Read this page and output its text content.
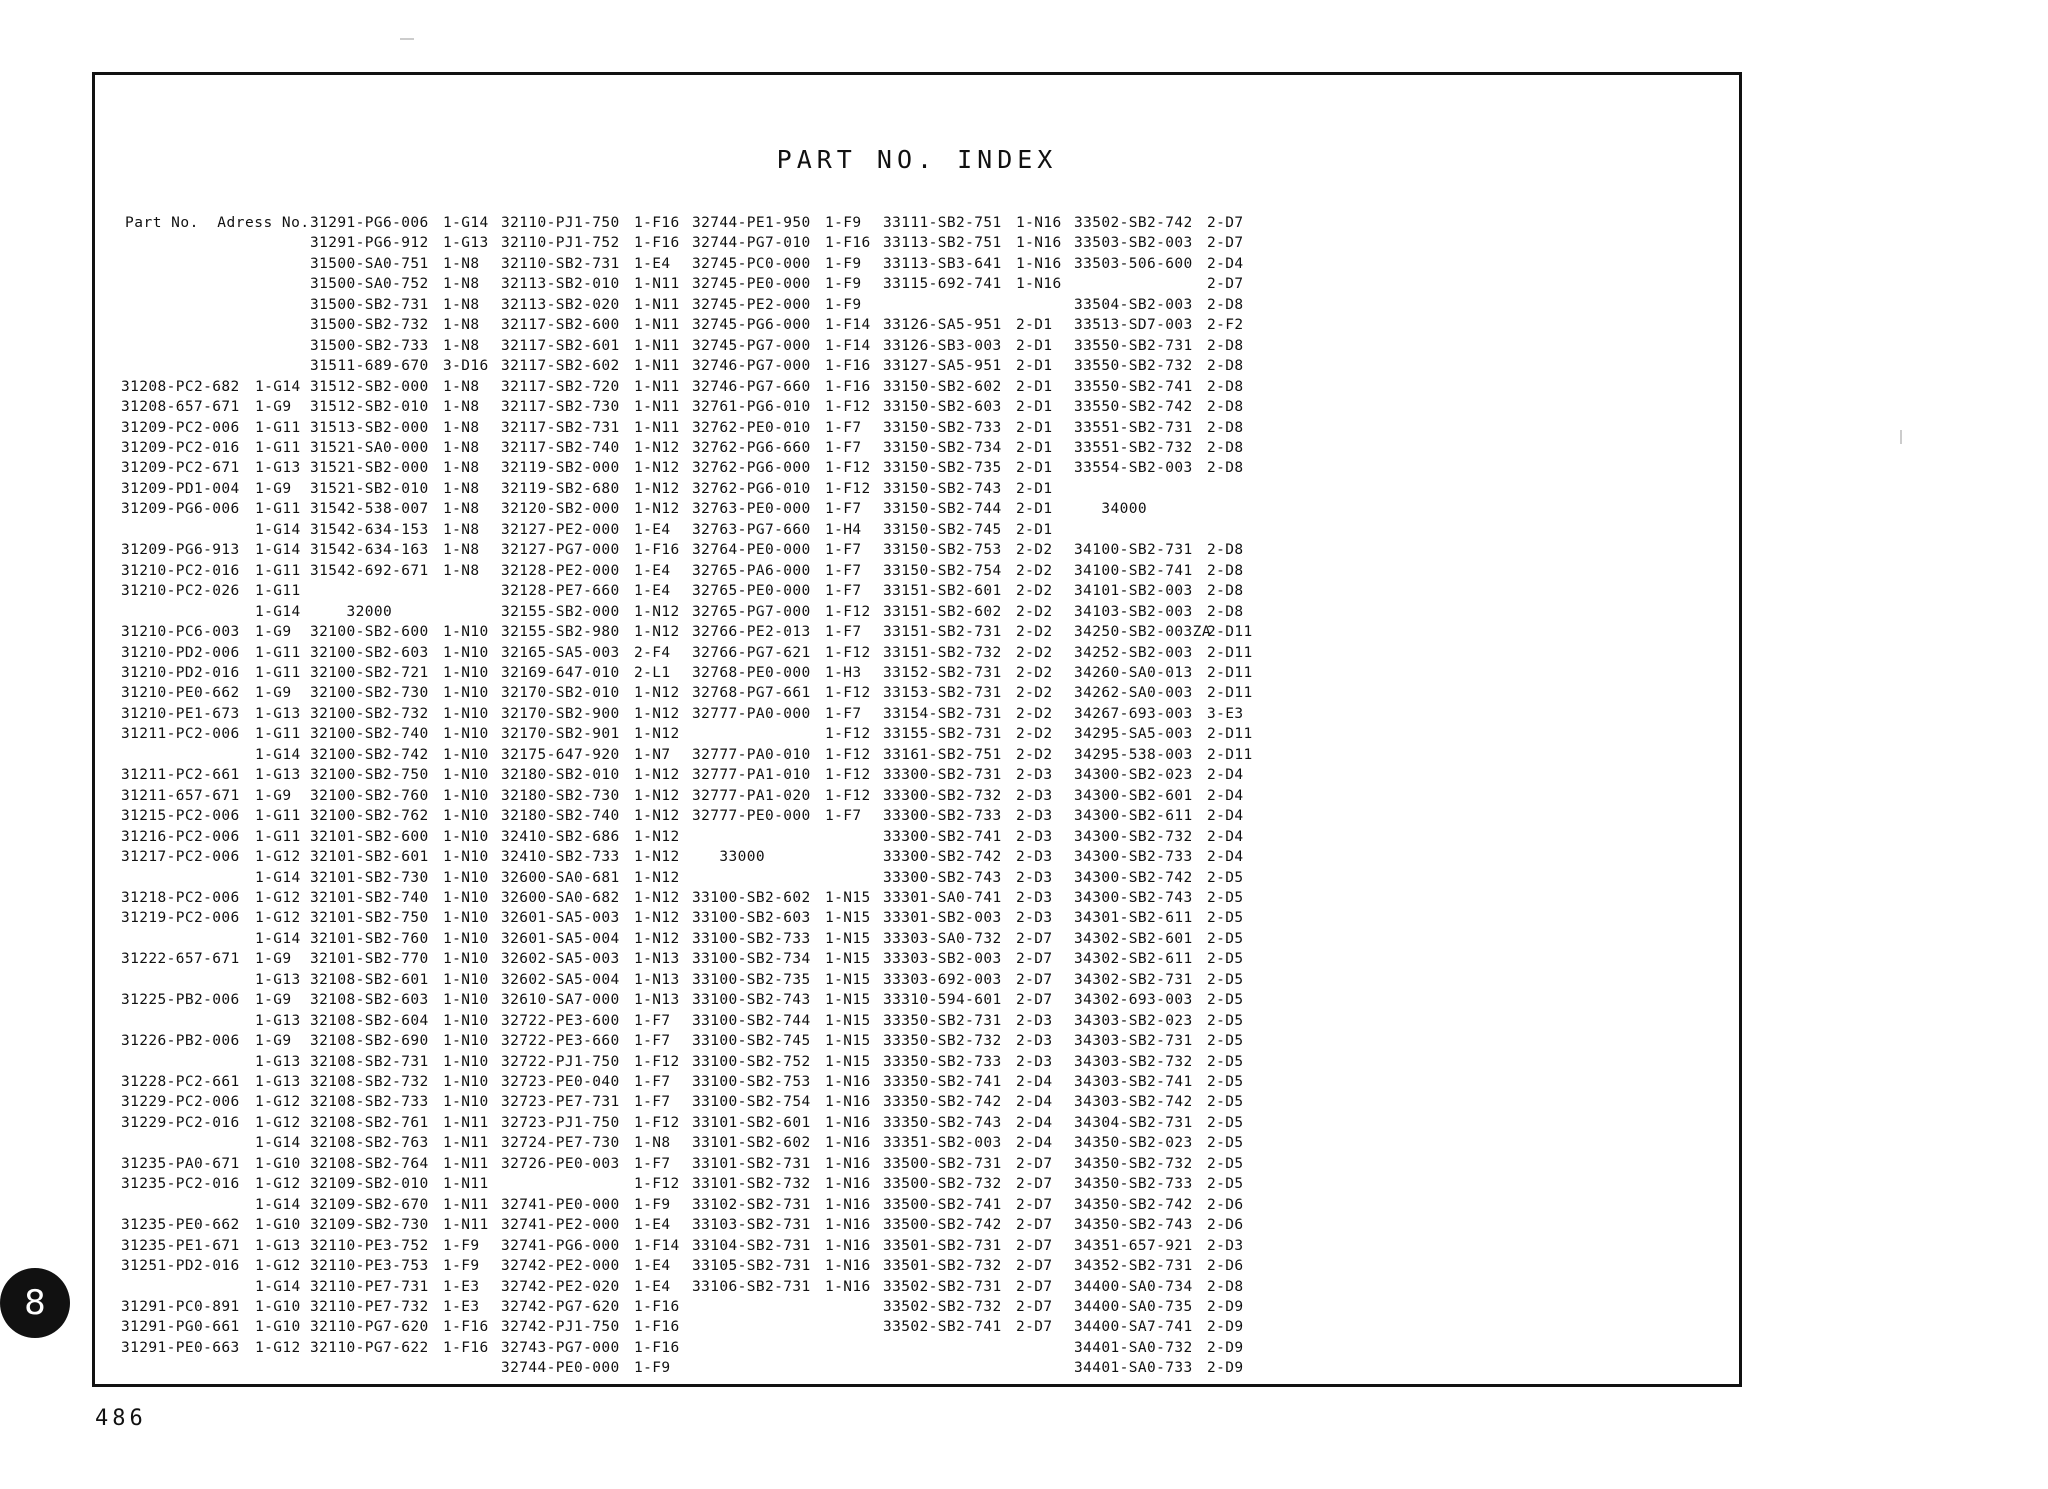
PART NO. INDEX
Part No.  Adress No.

31208-PC2-682
31208-657-671
31209-PC2-006
31209-PC2-016
31209-PC2-671
31209-PD1-004
31209-PG6-006

31209-PG6-913
31210-PC2-016
31210-PC2-026

31210-PC6-003
31210-PD2-006
31210-PD2-016
31210-PE0-662
31210-PE1-673
31211-PC2-006

31211-PC2-661
31211-657-671
31215-PC2-006
31216-PC2-006
31217-PC2-006

31218-PC2-006
31219-PC2-006

31222-657-671

31225-PB2-006

31226-PB2-006

31228-PC2-661
31229-PC2-006
31229-PC2-016

31235-PA0-671
31235-PC2-016

31235-PE0-662
31235-PE1-671
31251-PD2-016

31291-PC0-891
31291-PG0-661
31291-PE0-663

1-G14
1-G9
1-G11
1-G11
1-G13
1-G9
1-G11
1-G14
1-G14
1-G11
1-G11
1-G14
1-G9
1-G11
1-G11
1-G9
1-G13
1-G11
1-G14
1-G13
1-G9
1-G11
1-G11
1-G12
1-G14
1-G12
1-G12
1-G14
1-G9
1-G13
1-G9
1-G13
1-G9
1-G13
1-G13
1-G12
1-G12
1-G14
1-G10
1-G12
1-G14
1-G10
1-G13
1-G12
1-G14
1-G10
1-G10
1-G12
31291-PG6-006
31291-PG6-912
31500-SA0-751
31500-SA0-752
31500-SB2-731
31500-SB2-732
31500-SB2-733
31511-689-670
31512-SB2-000
31512-SB2-010
31513-SB2-000
31521-SA0-000
31521-SB2-000
31521-SB2-010
31542-538-007
31542-634-153
31542-634-163
31542-692-671

32000
32100-SB2-600
32100-SB2-603
32100-SB2-721
32100-SB2-730
32100-SB2-732
32100-SB2-740
32100-SB2-742
32100-SB2-750
32100-SB2-760
32100-SB2-762
32101-SB2-600
32101-SB2-601
32101-SB2-730
32101-SB2-740
32101-SB2-750
32101-SB2-760
32101-SB2-770
32108-SB2-601
32108-SB2-603
32108-SB2-604
32108-SB2-690
32108-SB2-731
32108-SB2-732
32108-SB2-733
32108-SB2-761
32108-SB2-763
32108-SB2-764
32109-SB2-010
32109-SB2-670
32109-SB2-730
32110-PE3-752
32110-PE3-753
32110-PE7-731
32110-PE7-732
32110-PG7-620
32110-PG7-622
1-G14
1-G13
1-N8
1-N8
1-N8
1-N8
1-N8
3-D16
1-N8
1-N8
1-N8
1-N8
1-N8
1-N8
1-N8
1-N8
1-N8
1-N8

1-N10
1-N10
1-N10
1-N10
1-N10
1-N10
1-N10
1-N10
1-N10
1-N10
1-N10
1-N10
1-N10
1-N10
1-N10
1-N10
1-N10
1-N10
1-N10
1-N10
1-N10
1-N10
1-N10
1-N10
1-N11
1-N11
1-N11
1-N11
1-N11
1-N11
1-F9
1-F9
1-E3
1-E3
1-F16
1-F16
32110-PJ1-750
32110-PJ1-752
32110-SB2-731
32113-SB2-010
32113-SB2-020
32117-SB2-600
32117-SB2-601
32117-SB2-602
32117-SB2-720
32117-SB2-730
32117-SB2-731
32117-SB2-740
32119-SB2-000
32119-SB2-680
32120-SB2-000
32127-PE2-000
32127-PG7-000
32128-PE2-000
32128-PE7-660
32155-SB2-000
32155-SB2-980
32165-SA5-003
32169-647-010
32170-SB2-010
32170-SB2-900
32170-SB2-901
32175-647-920
32180-SB2-010
32180-SB2-730
32180-SB2-740
32410-SB2-686
32410-SB2-733
32600-SA0-681
32600-SA0-682
32601-SA5-003
32601-SA5-004
32602-SA5-003
32602-SA5-004
32610-SA7-000
32722-PE3-600
32722-PE3-660
32722-PJ1-750
32723-PE0-040
32723-PE7-731
32723-PJ1-750
32724-PE7-730
32726-PE0-003

32741-PE0-000
32741-PE2-000
32741-PG6-000
32742-PE2-000
32742-PE2-020
32742-PG7-620
32742-PJ1-750
32743-PG7-000
32744-PE0-000
1-F16
1-F16
1-E4
1-N11
1-N11
1-N11
1-N11
1-N11
1-N11
1-N11
1-N11
1-N12
1-N12
1-N12
1-N12
1-E4
1-F16
1-E4
1-E4
1-N12
1-N12
2-F4
2-L1
1-N12
1-N12
1-N12
1-N7
1-N12
1-N12
1-N12
1-N12
1-N12
1-N12
1-N12
1-N12
1-N12
1-N13
1-N13
1-N13
1-F7
1-F7
1-F12
1-F7
1-F7
1-F12
1-N8
1-F7
1-F12
1-F9
1-E4
1-F14
1-E4
1-E4
1-F16
1-F16
1-F16
1-F9
32744-PE1-950
32744-PG7-010
32745-PC0-000
32745-PE0-000
32745-PE2-000
32745-PG6-000
32745-PG7-000
32746-PG7-000
32746-PG7-660
32761-PG6-010
32762-PE0-010
32762-PG6-660
32762-PG6-000
32762-PG6-010
32763-PE0-000
32763-PG7-660
32764-PE0-000
32765-PA6-000
32765-PE0-000
32765-PG7-000
32766-PE2-013
32766-PG7-621
32768-PE0-000
32768-PG7-661
32777-PA0-000

32777-PA0-010
32777-PA1-010
32777-PA1-020
32777-PE0-000

33000

33100-SB2-602
33100-SB2-603
33100-SB2-733
33100-SB2-734
33100-SB2-735
33100-SB2-743
33100-SB2-744
33100-SB2-745
33100-SB2-752
33100-SB2-753
33100-SB2-754
33101-SB2-601
33101-SB2-602
33101-SB2-731
33101-SB2-732
33102-SB2-731
33103-SB2-731
33104-SB2-731
33105-SB2-731
33106-SB2-731
1-F9
1-F16
1-F9
1-F9
1-F9
1-F14
1-F14
1-F16
1-F16
1-F12
1-F7
1-F7
1-F12
1-F12
1-F7
1-H4
1-F7
1-F7
1-F7
1-F12
1-F7
1-F12
1-H3
1-F12
1-F7
1-F12
1-F12
1-F12
1-F12
1-F7

1-N15
1-N15
1-N15
1-N15
1-N15
1-N15
1-N15
1-N15
1-N15
1-N16
1-N16
1-N16
1-N16
1-N16
1-N16
1-N16
1-N16
1-N16
1-N16
1-N16
33111-SB2-751
33113-SB2-751
33113-SB3-641
33115-692-741

33126-SA5-951
33126-SB3-003
33127-SA5-951
33150-SB2-602
33150-SB2-603
33150-SB2-733
33150-SB2-734
33150-SB2-735
33150-SB2-743
33150-SB2-744
33150-SB2-745
33150-SB2-753
33150-SB2-754
33151-SB2-601
33151-SB2-602
33151-SB2-731
33151-SB2-732
33152-SB2-731
33153-SB2-731
33154-SB2-731
33155-SB2-731
33161-SB2-751
33300-SB2-731
33300-SB2-732
33300-SB2-733
33300-SB2-741
33300-SB2-742
33300-SB2-743
33301-SA0-741
33301-SB2-003
33303-SA0-732
33303-SB2-003
33303-692-003
33310-594-601
33350-SB2-731
33350-SB2-732
33350-SB2-733
33350-SB2-741
33350-SB2-742
33350-SB2-743
33351-SB2-003
33500-SB2-731
33500-SB2-732
33500-SB2-741
33500-SB2-742
33501-SB2-731
33501-SB2-732
33502-SB2-731
33502-SB2-732
33502-SB2-741
1-N16
1-N16
1-N16
1-N16

2-D1
2-D1
2-D1
2-D1
2-D1
2-D1
2-D1
2-D1
2-D1
2-D1
2-D1
2-D2
2-D2
2-D2
2-D2
2-D2
2-D2
2-D2
2-D2
2-D2
2-D2
2-D2
2-D3
2-D3
2-D3
2-D3
2-D3
2-D3
2-D3
2-D3
2-D7
2-D7
2-D7
2-D7
2-D3
2-D3
2-D3
2-D4
2-D4
2-D4
2-D4
2-D7
2-D7
2-D7
2-D7
2-D7
2-D7
2-D7
2-D7
2-D7
33502-SB2-742
33503-SB2-003
33503-506-600

33504-SB2-003
33513-SD7-003
33550-SB2-731
33550-SB2-732
33550-SB2-741
33550-SB2-742
33551-SB2-731
33551-SB2-732
33554-SB2-003

34000

34100-SB2-731
34100-SB2-741
34101-SB2-003
34103-SB2-003
34250-SB2-003ZA
34252-SB2-003
34260-SA0-013
34262-SA0-003
34267-693-003
34295-SA5-003
34295-538-003
34300-SB2-023
34300-SB2-601
34300-SB2-611
34300-SB2-732
34300-SB2-733
34300-SB2-742
34300-SB2-743
34301-SB2-611
34302-SB2-601
34302-SB2-611
34302-SB2-731
34302-693-003
34303-SB2-023
34303-SB2-731
34303-SB2-732
34303-SB2-741
34303-SB2-742
34304-SB2-731
34350-SB2-023
34350-SB2-732
34350-SB2-733
34350-SB2-742
34350-SB2-743
34351-657-921
34352-SB2-731
34400-SA0-734
34400-SA0-735
34400-SA7-741
34401-SA0-732
34401-SA0-733
2-D7
2-D7
2-D4
2-D7
2-D8
2-F2
2-D8
2-D8
2-D8
2-D8
2-D8
2-D8
2-D8

2-D8
2-D8
2-D8
2-D8
2-D11
2-D11
2-D11
2-D11
3-E3
2-D11
2-D11
2-D4
2-D4
2-D4
2-D4
2-D4
2-D5
2-D5
2-D5
2-D5
2-D5
2-D5
2-D5
2-D5
2-D5
2-D5
2-D5
2-D5
2-D5
2-D5
2-D5
2-D5
2-D6
2-D6
2-D3
2-D6
2-D8
2-D9
2-D9
2-D9
2-D9
8
486
